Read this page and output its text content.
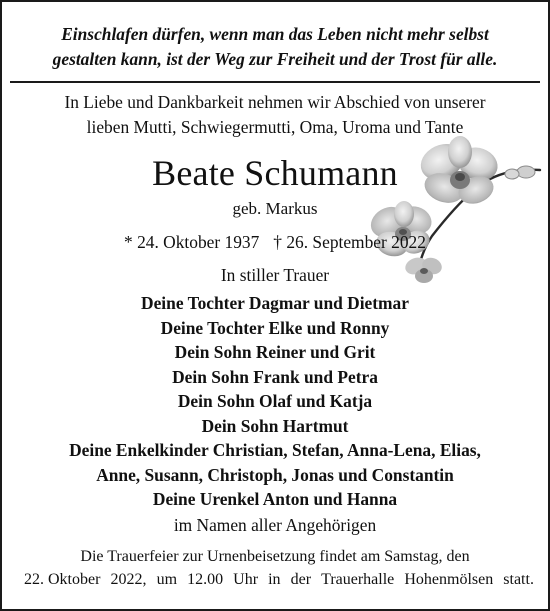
Einschlafen dürfen, wenn man das Leben nicht mehr selbst
gestalten kann, ist der Weg zur Freiheit und der Trost für alle.
In Liebe und Dankbarkeit nehmen wir Abschied von unserer
lieben Mutti, Schwiegermutti, Oma, Uroma und Tante
Beate Schumann
geb. Markus
* 24. Oktober 1937 † 26. September 2022
In stiller Trauer
Deine Tochter Dagmar und Dietmar
Deine Tochter Elke und Ronny
Dein Sohn Reiner und Grit
Dein Sohn Frank und Petra
Dein Sohn Olaf und Katja
Dein Sohn Hartmut
Deine Enkelkinder Christian, Stefan, Anna-Lena, Elias,
Anne, Susann, Christoph, Jonas und Constantin
Deine Urenkel Anton und Hanna
im Namen aller Angehörigen
Die Trauerfeier zur Urnenbeisetzung findet am Samstag, den
22. Oktober 2022, um 12.00 Uhr in der Trauerhalle Hohenmölsen statt.
